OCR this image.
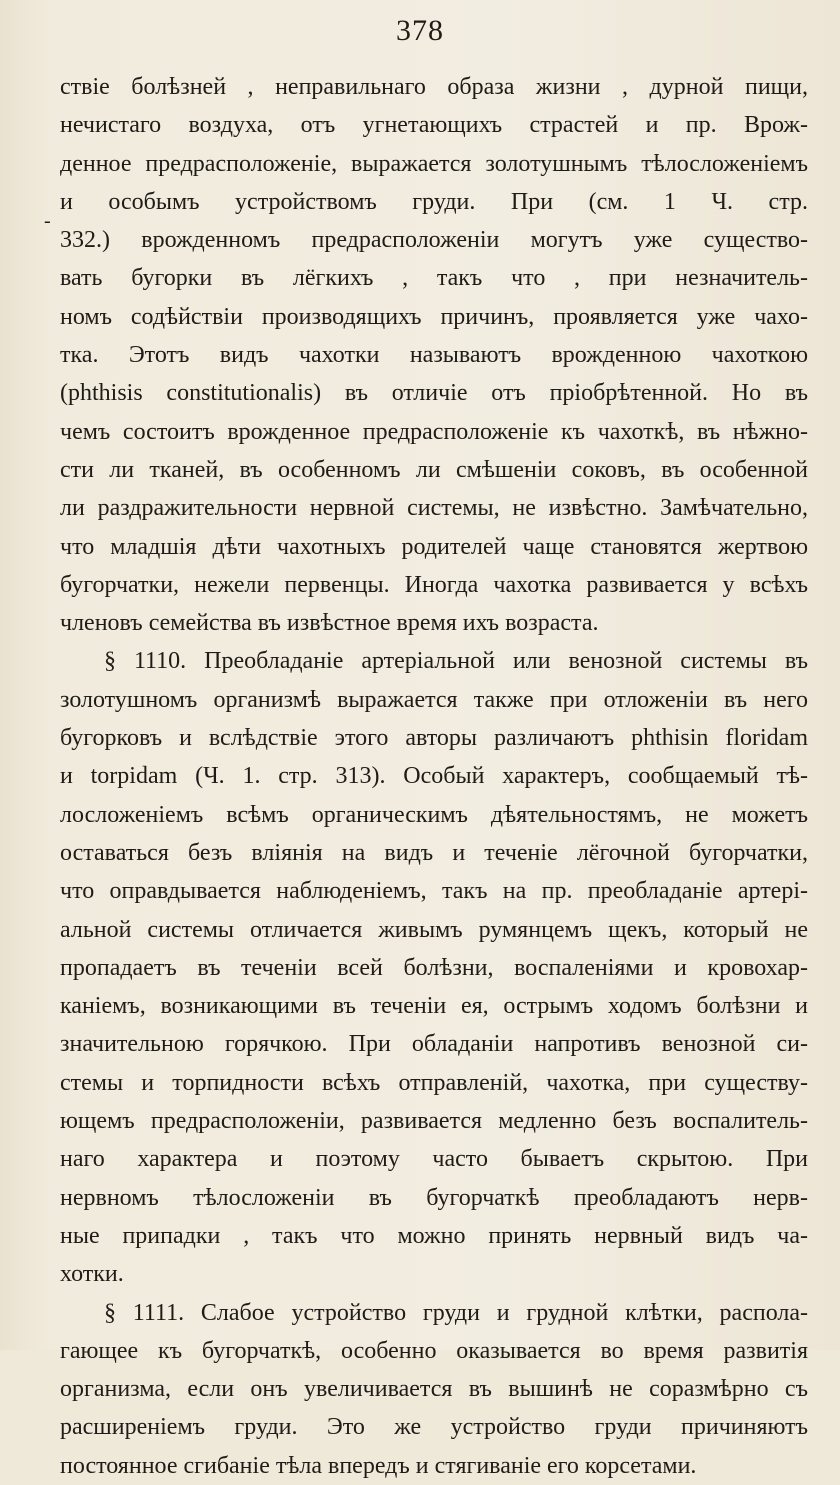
378
-
ствіе болѣзней , неправильнаго образа жизни , дурной пищи,
нечистаго воздуха, отъ угнетающихъ страстей и пр. Врож-
денное предрасположеніе, выражается золотушнымъ тѣлосложеніемъ
и особымъ устройствомъ груди. При (см. 1 Ч. стр.
332.) врожденномъ предрасположеніи могутъ уже существо-
вать бугорки въ лёгкихъ , такъ что , при незначитель-
номъ содѣйствіи производящихъ причинъ, проявляется уже чахо-
тка. Этотъ видъ чахотки называютъ врожденною чахоткою
(phthisis constitutionalis) въ отличіе отъ пріобрѣтенной. Но въ
чемъ состоитъ врожденное предрасположеніе къ чахоткѣ, въ нѣжно-
сти ли тканей, въ особенномъ ли смѣшеніи соковъ, въ особенной
ли раздражительности нервной системы, не извѣстно. Замѣчательно,
что младшія дѣти чахотныхъ родителей чаще становятся жертвою
бугорчатки, нежели первенцы. Иногда чахотка развивается у всѣхъ
членовъ семейства въ извѣстное время ихъ возраста.
§ 1110. Преобладаніе артеріальной или венозной системы въ
золотушномъ организмѣ выражается также при отложеніи въ него
бугорковъ и вслѣдствіе этого авторы различаютъ phthisin floridam
и torpidam (Ч. 1. стр. 313). Особый характеръ, сообщаемый тѣ-
лосложеніемъ всѣмъ органическимъ дѣятельностямъ, не можетъ
оставаться безъ вліянія на видъ и теченіе лёгочной бугорчатки,
что оправдывается наблюденіемъ, такъ на пр. преобладаніе артері-
альной системы отличается живымъ румянцемъ щекъ, который не
пропадаетъ въ теченіи всей болѣзни, воспаленіями и кровохар-
каніемъ, возникающими въ теченіи ея, острымъ ходомъ болѣзни и
значительною горячкою. При обладаніи напротивъ венозной си-
стемы и торпидности всѣхъ отправленій, чахотка, при существу-
ющемъ предрасположеніи, развивается медленно безъ воспалитель-
наго характера и поэтому часто бываетъ скрытою. При
нервномъ тѣлосложеніи въ бугорчаткѣ преобладаютъ нерв-
ные припадки , такъ что можно принять нервный видъ ча-
хотки.
§ 1111. Слабое устройство груди и грудной клѣтки, распола-
гающее къ бугорчаткѣ, особенно оказывается во время развитія
организма, если онъ увеличивается въ вышинѣ не соразмѣрно съ
расширеніемъ груди. Это же устройство груди причиняютъ
постоянное сгибаніе тѣла впередъ и стягиваніе его корсетами.
